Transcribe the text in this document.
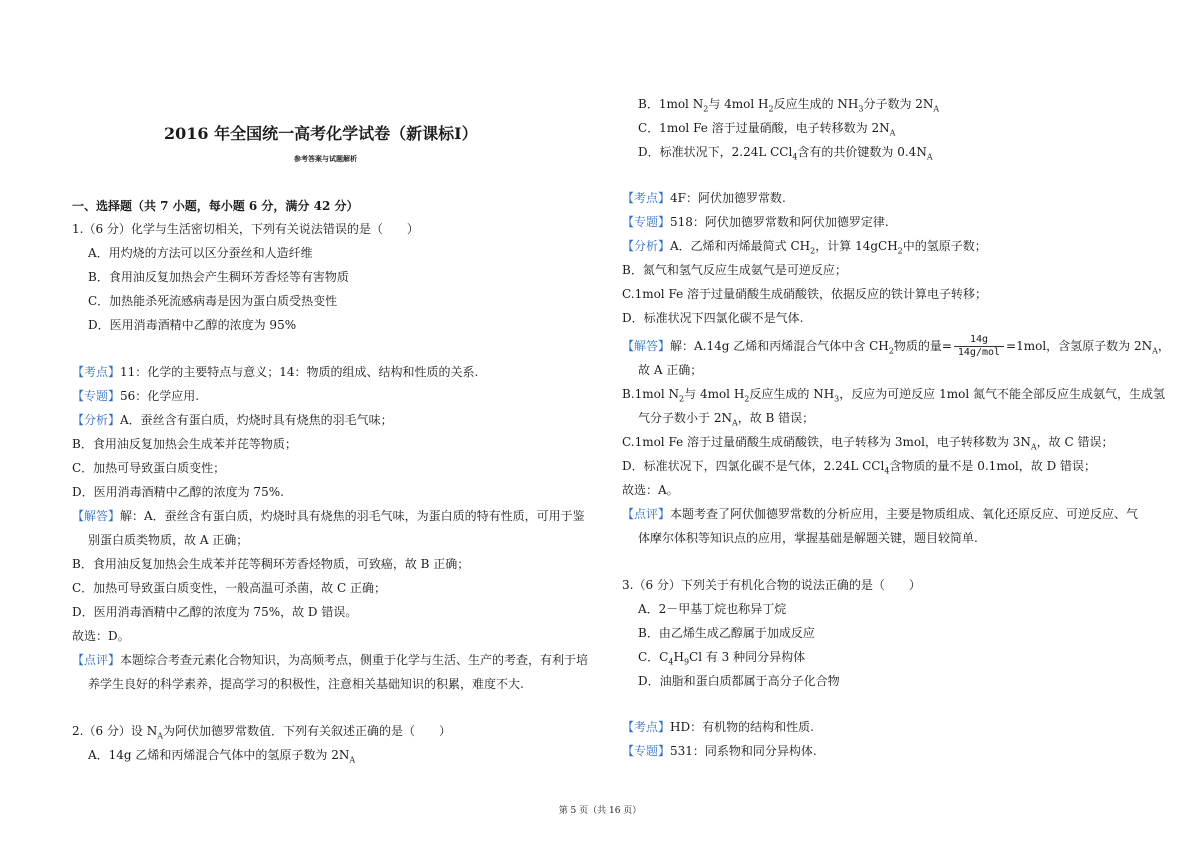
2016 年全国统一高考化学试卷（新课标Ⅰ）
参考答案与试题解析
一、选择题（共 7 小题，每小题 6 分，满分 42 分）
1.（6 分）化学与生活密切相关，下列有关说法错误的是（　　）
A．用灼烧的方法可以区分蚕丝和人造纤维
B．食用油反复加热会产生稠环芳香烃等有害物质
C．加热能杀死流感病毒是因为蛋白质受热变性
D．医用消毒酒精中乙醇的浓度为 95%
【考点】11：化学的主要特点与意义；14：物质的组成、结构和性质的关系.
【专题】56：化学应用.
【分析】A．蚕丝含有蛋白质，灼烧时具有烧焦的羽毛气味；
B．食用油反复加热会生成苯并芘等物质；
C．加热可导致蛋白质变性；
D．医用消毒酒精中乙醇的浓度为 75%.
【解答】解：A．蚕丝含有蛋白质，灼烧时具有烧焦的羽毛气味，为蛋白质的特有性质，可用于鉴
别蛋白质类物质，故 A 正确；
B．食用油反复加热会生成苯并芘等稠环芳香烃物质，可致癌，故 B 正确；
C．加热可导致蛋白质变性，一般高温可杀菌，故 C 正确；
D．医用消毒酒精中乙醇的浓度为 75%，故 D 错误。
故选：D。
【点评】本题综合考查元素化合物知识，为高频考点，侧重于化学与生活、生产的考查，有利于培
养学生良好的科学素养，提高学习的积极性，注意相关基础知识的积累，难度不大.
2.（6 分）设 $N_A$为阿伏加德罗常数值．下列有关叙述正确的是（　　）
A．14g 乙烯和丙烯混合气体中的氢原子数为 $2N_A$
B．1mol $N_2$与 4mol $H_2$反应生成的 $NH_3$分子数为 $2N_A$
C．1mol Fe 溶于过量硝酸，电子转移数为 $2N_A$
D．标准状况下，2.24L CCl$_4$含有的共价键数为 $0.4N_A$
【考点】4F：阿伏加德罗常数.
【专题】518：阿伏加德罗常数和阿伏加德罗定律.
【分析】A．乙烯和丙烯最简式 $CH_2$，计算 14gCH$_2$中的氢原子数；
B．氮气和氢气反应生成氨气是可逆反应；
C.1mol Fe 溶于过量硝酸生成硝酸铁，依据反应的铁计算电子转移；
D．标准状况下四氯化碳不是气体.
【解答】解：A.14g 乙烯和丙烯混合气体中含 $CH_2$物质的量= $\frac{14g}{\text{14g/mol}} =1mol$，含氢原子数为 $2N_A$，
故 A 正确；
B.1mol $N_2$与 4mol $H_2$反应生成的 $NH_3$，反应为可逆反应 1mol 氮气不能全部反应生成氨气，生成氢
气分子数小于 $2N_A$，故 B 错误；
C.1mol Fe 溶于过量硝酸生成硝酸铁，电子转移为 3mol，电子转移数为 $3N_A$，故 C 错误；
D．标准状况下，四氯化碳不是气体，2.24L CCl$_4$含物质的量不是 0.1mol，故 D 错误；
故选：A。
【点评】本题考查了阿伏伽德罗常数的分析应用，主要是物质组成、氧化还原反应、可逆反应、气
体摩尔体积等知识点的应用，掌握基础是解题关键，题目较简单.
3.（6 分）下列关于有机化合物的说法正确的是（　　）
A．2－甲基丁烷也称异丁烷
B．由乙烯生成乙醇属于加成反应
C．$C_4H_9Cl$ 有 3 种同分异构体
D．油脂和蛋白质都属于高分子化合物
【考点】HD：有机物的结构和性质.
【专题】531：同系物和同分异构体.
第 5 页（共 16 页）
